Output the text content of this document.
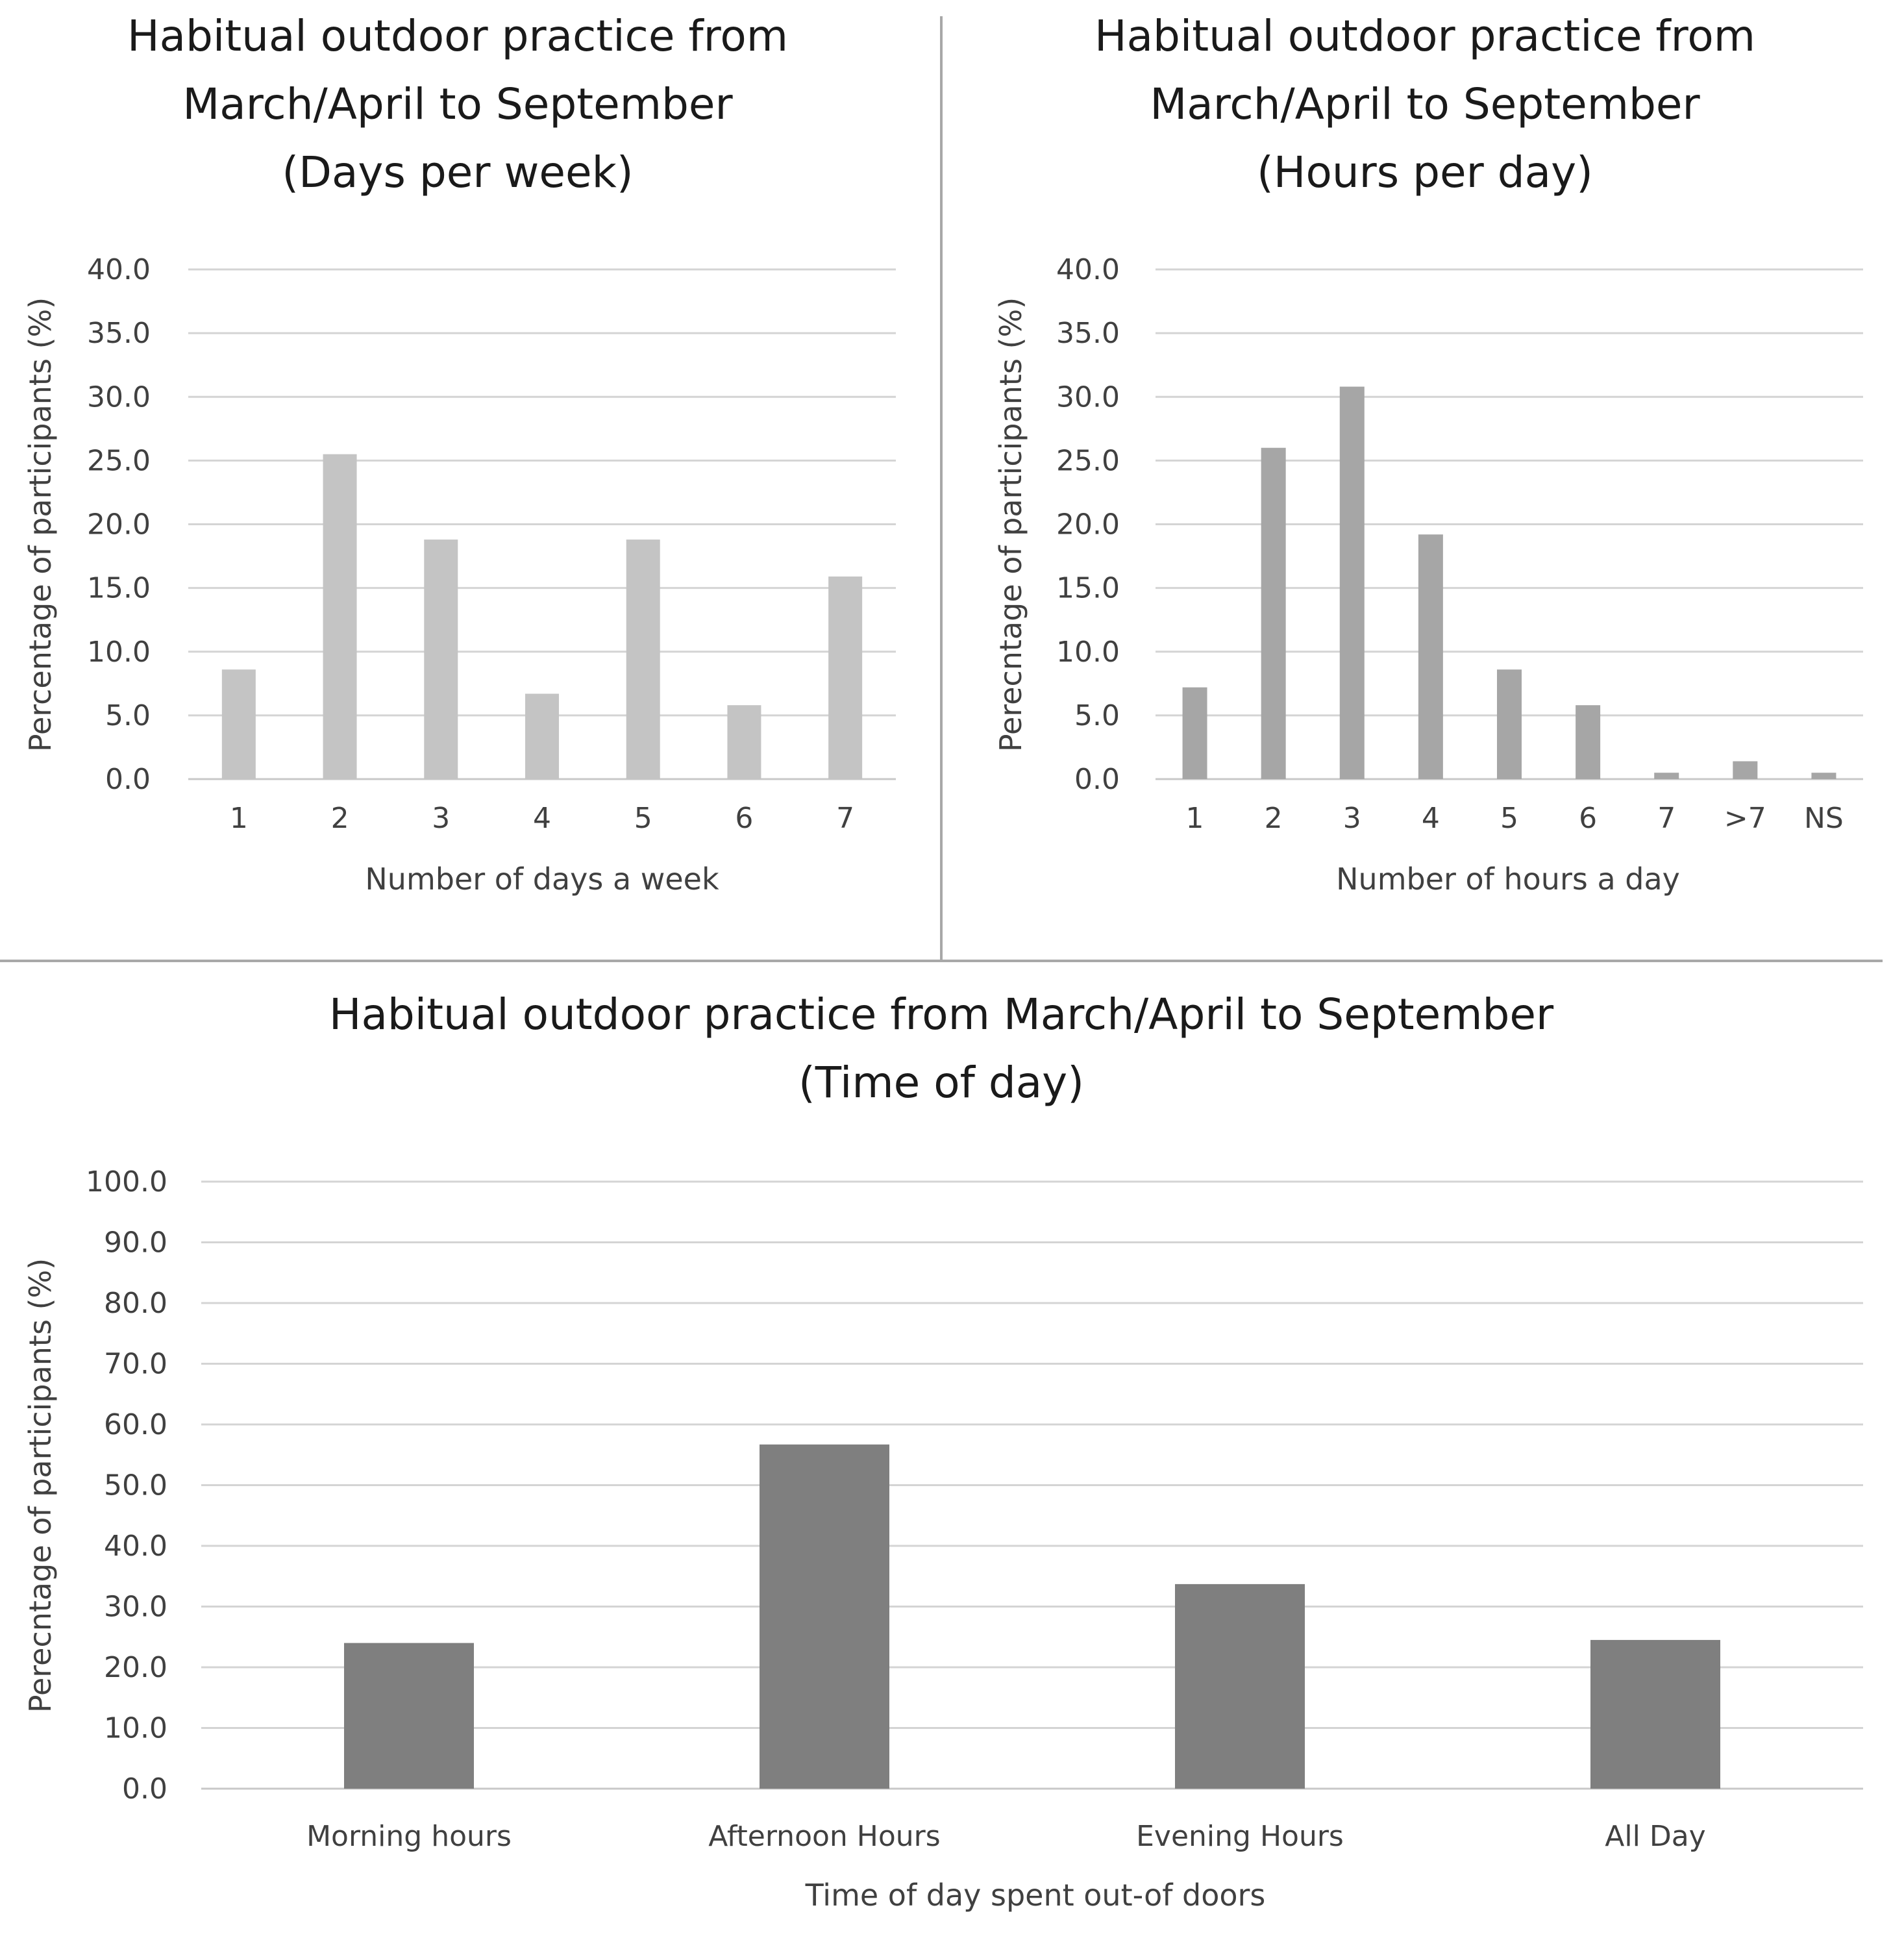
Habitual outdoor practice from
March/April to September
(Days per week)
0.0
5.0
10.0
15.0
20.0
25.0
30.0
35.0
40.0
1	2	3	4	5	6	7
Number of days a week
Percentage of participants (%)
Habitual outdoor practice from
March/April to September
(Hours per day)
0.0
5.0
10.0
15.0
20.0
25.0
30.0
35.0
40.0
1 2 3 4 5 6 7 >7 NS
Number of hours a day
Perecntage of participants (%)
Habitual outdoor practice from March/April to September
(Time of day)
0.0
10.0
20.0
30.0
40.0
50.0
60.0
70.0
80.0
90.0
100.0
Morning hours	Afternoon Hours	Evening Hours	All Day
Time of day spent out-of doors
Perecntage of participants (%)
